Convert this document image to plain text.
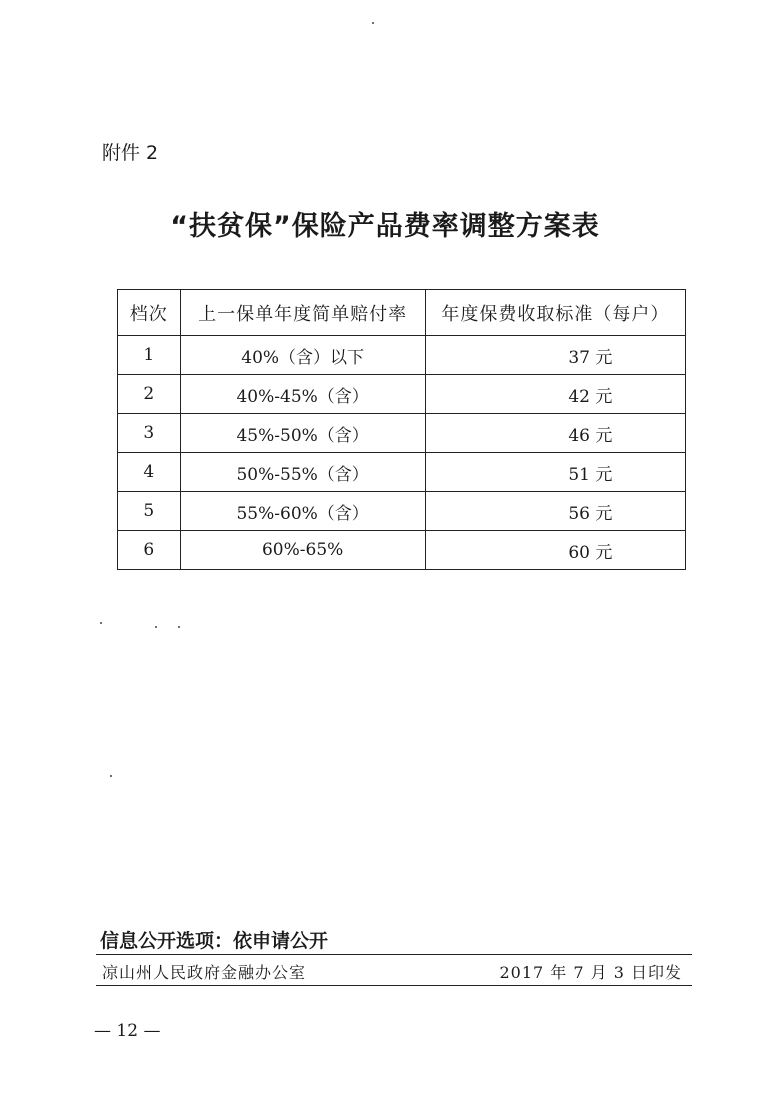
附件 2
“扶贫保”保险产品费率调整方案表
档次	上一保单年度简单赔付率	年度保费收取标准（每户）
1	40%（含）以下	37 元
2	40%-45%（含）	42 元
3	45%-50%（含）	46 元
4	50%-55%（含）	51 元
5	55%-60%（含）	56 元
6	60%-65%	60 元
信息公开选项：依申请公开
凉山州人民政府金融办公室	2017 年 7 月 3 日印发
— 12 —
